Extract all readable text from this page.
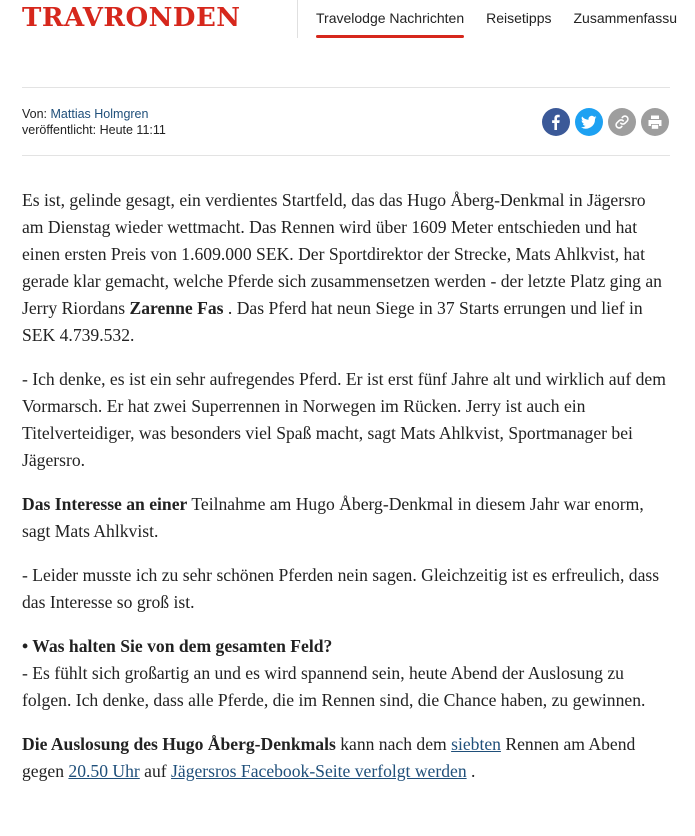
TRAVRONDEN	Travelodge Nachrichten	Reisetipps	Zusammenfassu
Von: Mattias Holmgren
veröffentlicht: Heute 11:11

Es ist, gelinde gesagt, ein verdientes Startfeld, das das Hugo Åberg-Denkmal in Jägersro am Dienstag wieder wettmacht. Das Rennen wird über 1609 Meter entschieden und hat einen ersten Preis von 1.609.000 SEK. Der Sportdirektor der Strecke, Mats Ahlkvist, hat gerade klar gemacht, welche Pferde sich zusammensetzen werden - der letzte Platz ging an Jerry Riordans Zarenne Fas . Das Pferd hat neun Siege in 37 Starts errungen und lief in SEK 4.739.532.

- Ich denke, es ist ein sehr aufregendes Pferd. Er ist erst fünf Jahre alt und wirklich auf dem Vormarsch. Er hat zwei Superrennen in Norwegen im Rücken. Jerry ist auch ein Titelverteidiger, was besonders viel Spaß macht, sagt Mats Ahlkvist, Sportmanager bei Jägersro.

Das Interesse an einer Teilnahme am Hugo Åberg-Denkmal in diesem Jahr war enorm, sagt Mats Ahlkvist.

- Leider musste ich zu sehr schönen Pferden nein sagen. Gleichzeitig ist es erfreulich, dass das Interesse so groß ist.

• Was halten Sie von dem gesamten Feld?
- Es fühlt sich großartig an und es wird spannend sein, heute Abend der Auslosung zu folgen. Ich denke, dass alle Pferde, die im Rennen sind, die Chance haben, zu gewinnen.

Die Auslosung des Hugo Åberg-Denkmals kann nach dem siebten Rennen am Abend gegen 20.50 Uhr auf Jägersros Facebook-Seite verfolgt werden .
